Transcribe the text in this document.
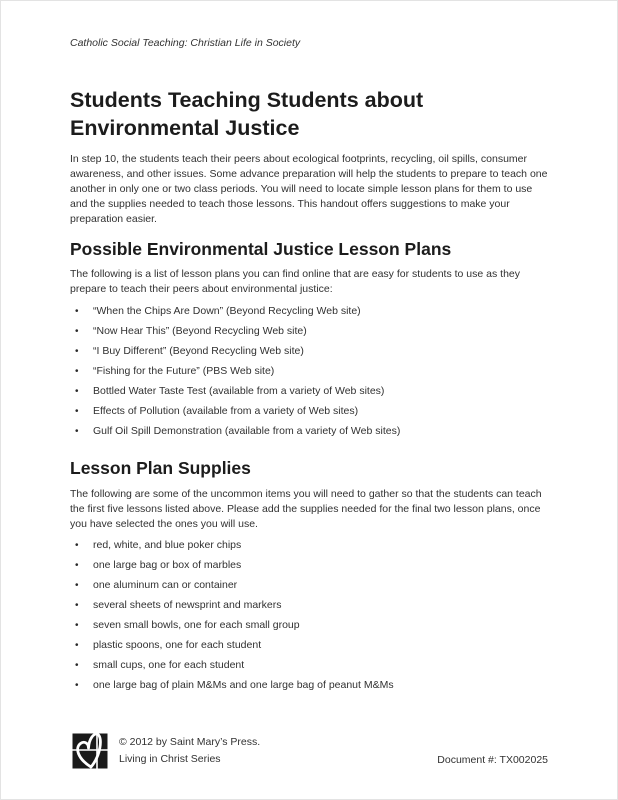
Catholic Social Teaching: Christian Life in Society
Students Teaching Students about Environmental Justice

In step 10, the students teach their peers about ecological footprints, recycling, oil spills, consumer awareness, and other issues. Some advance preparation will help the students to prepare to teach one another in only one or two class periods. You will need to locate simple lesson plans for them to use and the supplies needed to teach those lessons. This handout offers suggestions to make your preparation easier.

Possible Environmental Justice Lesson Plans

The following is a list of lesson plans you can find online that are easy for students to use as they prepare to teach their peers about environmental justice:

•	“When the Chips Are Down” (Beyond Recycling Web site)
•	“Now Hear This” (Beyond Recycling Web site)
•	“I Buy Different” (Beyond Recycling Web site)
•	“Fishing for the Future” (PBS Web site)
•	Bottled Water Taste Test (available from a variety of Web sites)
•	Effects of Pollution (available from a variety of Web sites)
•	Gulf Oil Spill Demonstration (available from a variety of Web sites)
Lesson Plan Supplies

The following are some of the uncommon items you will need to gather so that the students can teach the first five lessons listed above. Please add the supplies needed for the final two lesson plans, once you have selected the ones you will use.

•	red, white, and blue poker chips
•	one large bag or box of marbles
•	one aluminum can or container
•	several sheets of newsprint and markers
•	seven small bowls, one for each small group
•	plastic spoons, one for each student
•	small cups, one for each student
•	one large bag of plain M&Ms and one large bag of peanut M&Ms
© 2012 by Saint Mary’s Press.
Living in Christ Series	Document #: TX002025
